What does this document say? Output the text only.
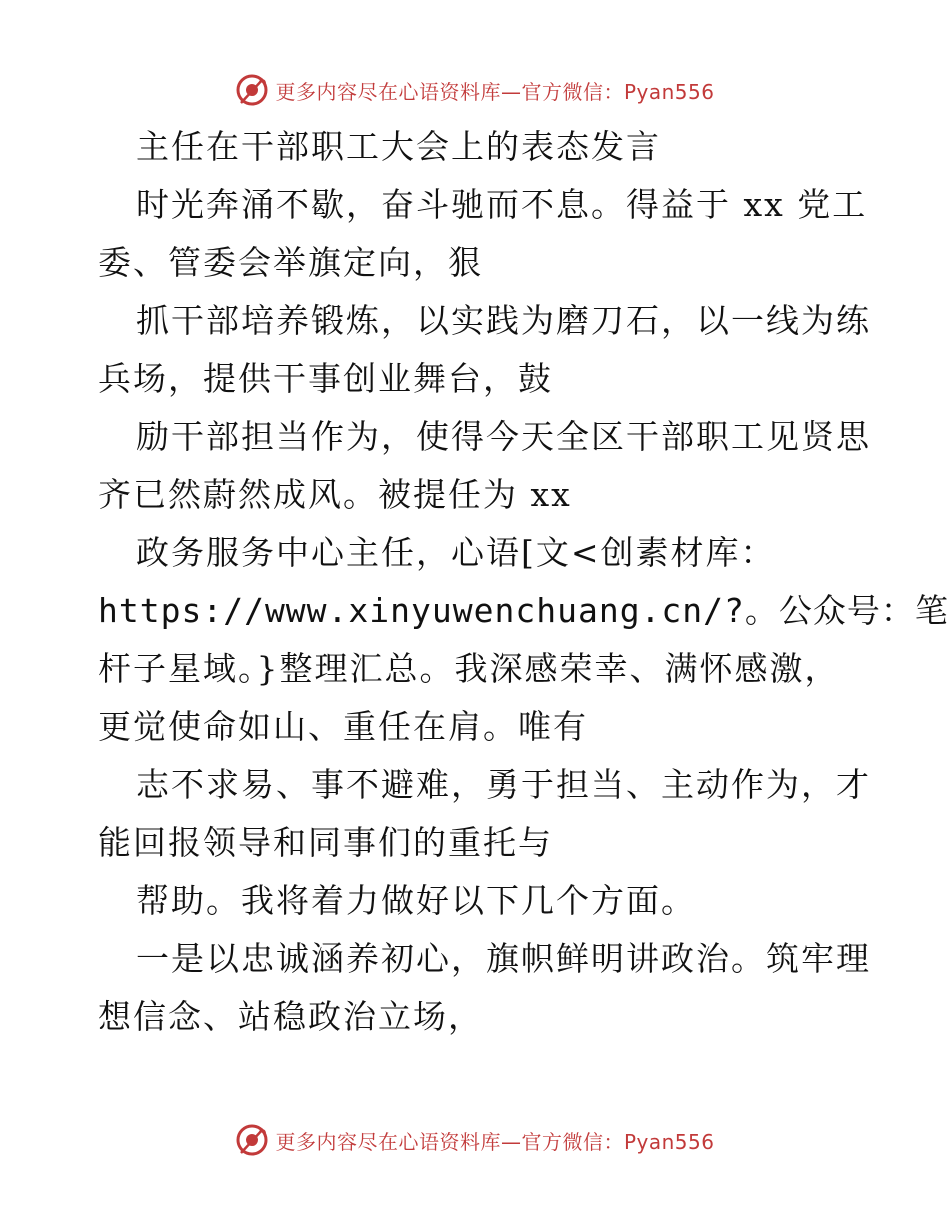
更多内容尽在心语资料库—官方微信：Pyan556
主任在干部职工大会上的表态发言
时光奔涌不歇，奋斗驰而不息。得益于 xx 党工
委、管委会举旗定向，狠
抓干部培养锻炼，以实践为磨刀石，以一线为练
兵场，提供干事创业舞台，鼓
励干部担当作为，使得今天全区干部职工见贤思
齐已然蔚然成风。被提任为 xx
政务服务中心主任，心语[文<创素材库：
https://www.xinyuwenchuang.cn/?。公众号：笔
杆子星域。}整理汇总。我深感荣幸、满怀感激，
更觉使命如山、重任在肩。唯有
志不求易、事不避难，勇于担当、主动作为，才
能回报领导和同事们的重托与
帮助。我将着力做好以下几个方面。
一是以忠诚涵养初心，旗帜鲜明讲政治。筑牢理
想信念、站稳政治立场，
更多内容尽在心语资料库—官方微信：Pyan556
